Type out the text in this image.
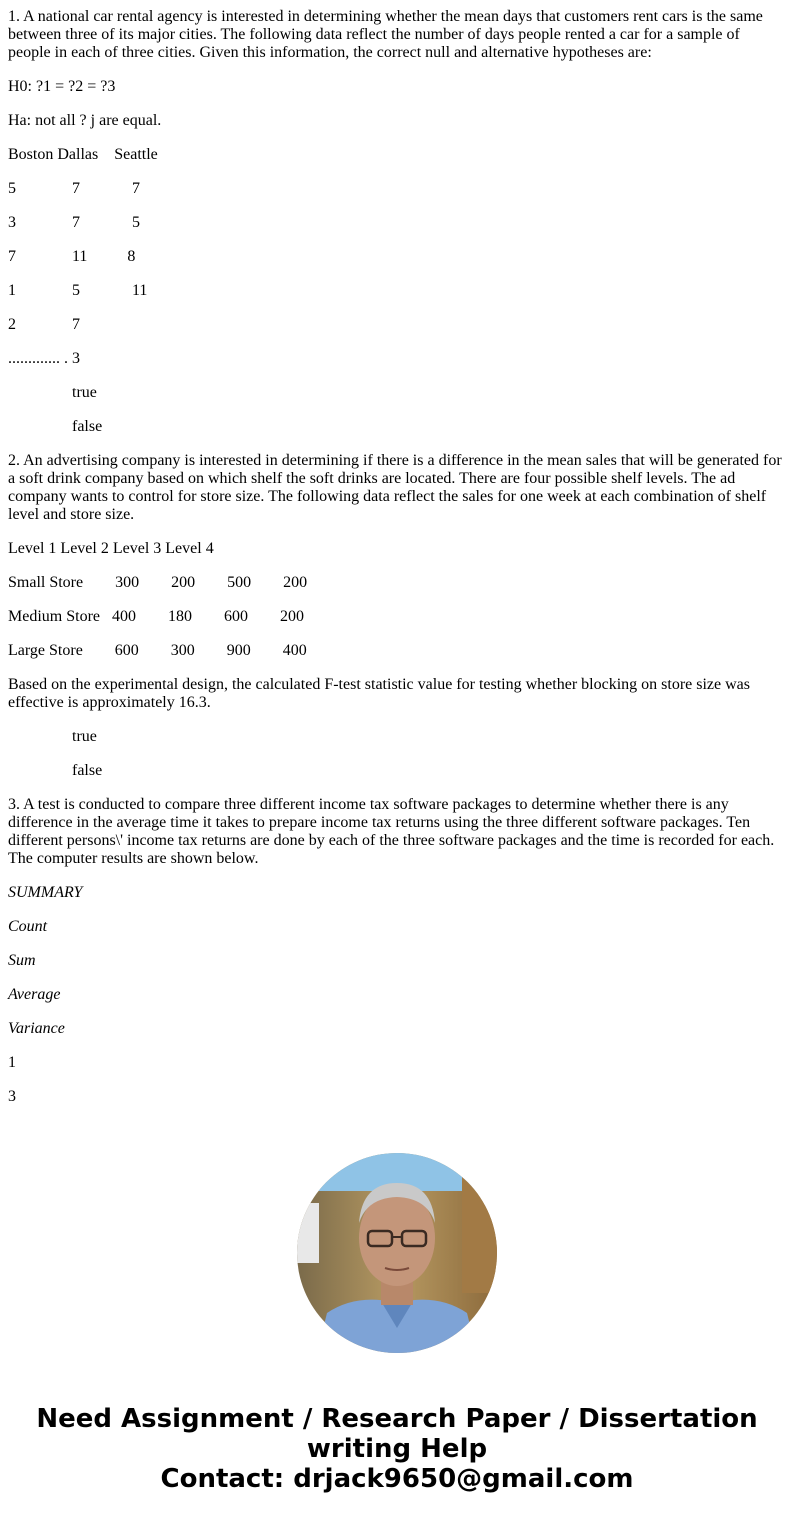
1. A national car rental agency is interested in determining whether the mean days that customers rent cars is the same between three of its major cities. The following data reflect the number of days people rented a car for a sample of people in each of three cities. Given this information, the correct null and alternative hypotheses are:

H0: ?1 = ?2 = ?3

Ha: not all ? j are equal.

Boston Dallas    Seattle

5              7             7

3              7             5

7              11          8

1              5             11

2              7

............. . 3

true

false

2. An advertising company is interested in determining if there is a difference in the mean sales that will be generated for a soft drink company based on which shelf the soft drinks are located. There are four possible shelf levels. The ad company wants to control for store size. The following data reflect the sales for one week at each combination of shelf level and store size.

Level 1 Level 2 Level 3 Level 4

Small Store        300        200        500        200

Medium Store   400        180        600        200

Large Store        600        300        900        400

Based on the experimental design, the calculated F-test statistic value for testing whether blocking on store size was effective is approximately 16.3.

true

false

3. A test is conducted to compare three different income tax software packages to determine whether there is any difference in the average time it takes to prepare income tax returns using the three different software packages. Ten different persons\' income tax returns are done by each of the three software packages and the time is recorded for each. The computer results are shown below.

SUMMARY

Count

Sum

Average

Variance

1

3

Need Assignment / Research Paper / Dissertation
writing Help
Contact: drjack9650@gmail.com
